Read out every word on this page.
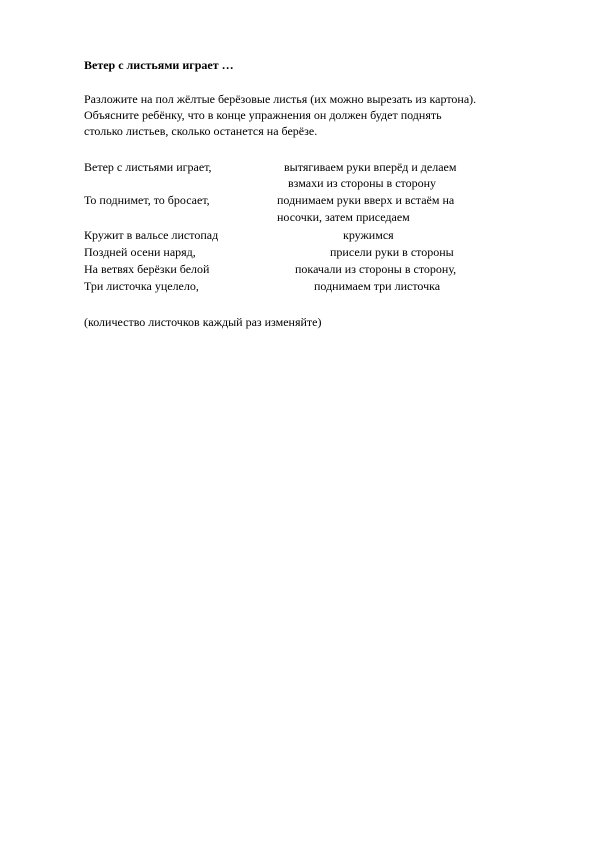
Ветер с листьями играет …

Разложите на пол жёлтые берёзовые листья (их можно вырезать из картона).

Объясните ребёнку, что в конце упражнения он должен будет поднять

столько листьев, сколько останется на берёзе.

Ветер с листьями играет,	вытягиваем руки вперёд и делаем

взмахи из стороны в сторону

То поднимет, то бросает,	поднимаем руки вверх и встаём на

носочки, затем приседаем

Кружит в вальсе листопад	кружимся

Поздней осени наряд,	присели руки в стороны

На ветвях берёзки белой	покачали из стороны в сторону,

Три листочка уцелело,	поднимаем три листочка

(количество листочков каждый раз изменяйте)
